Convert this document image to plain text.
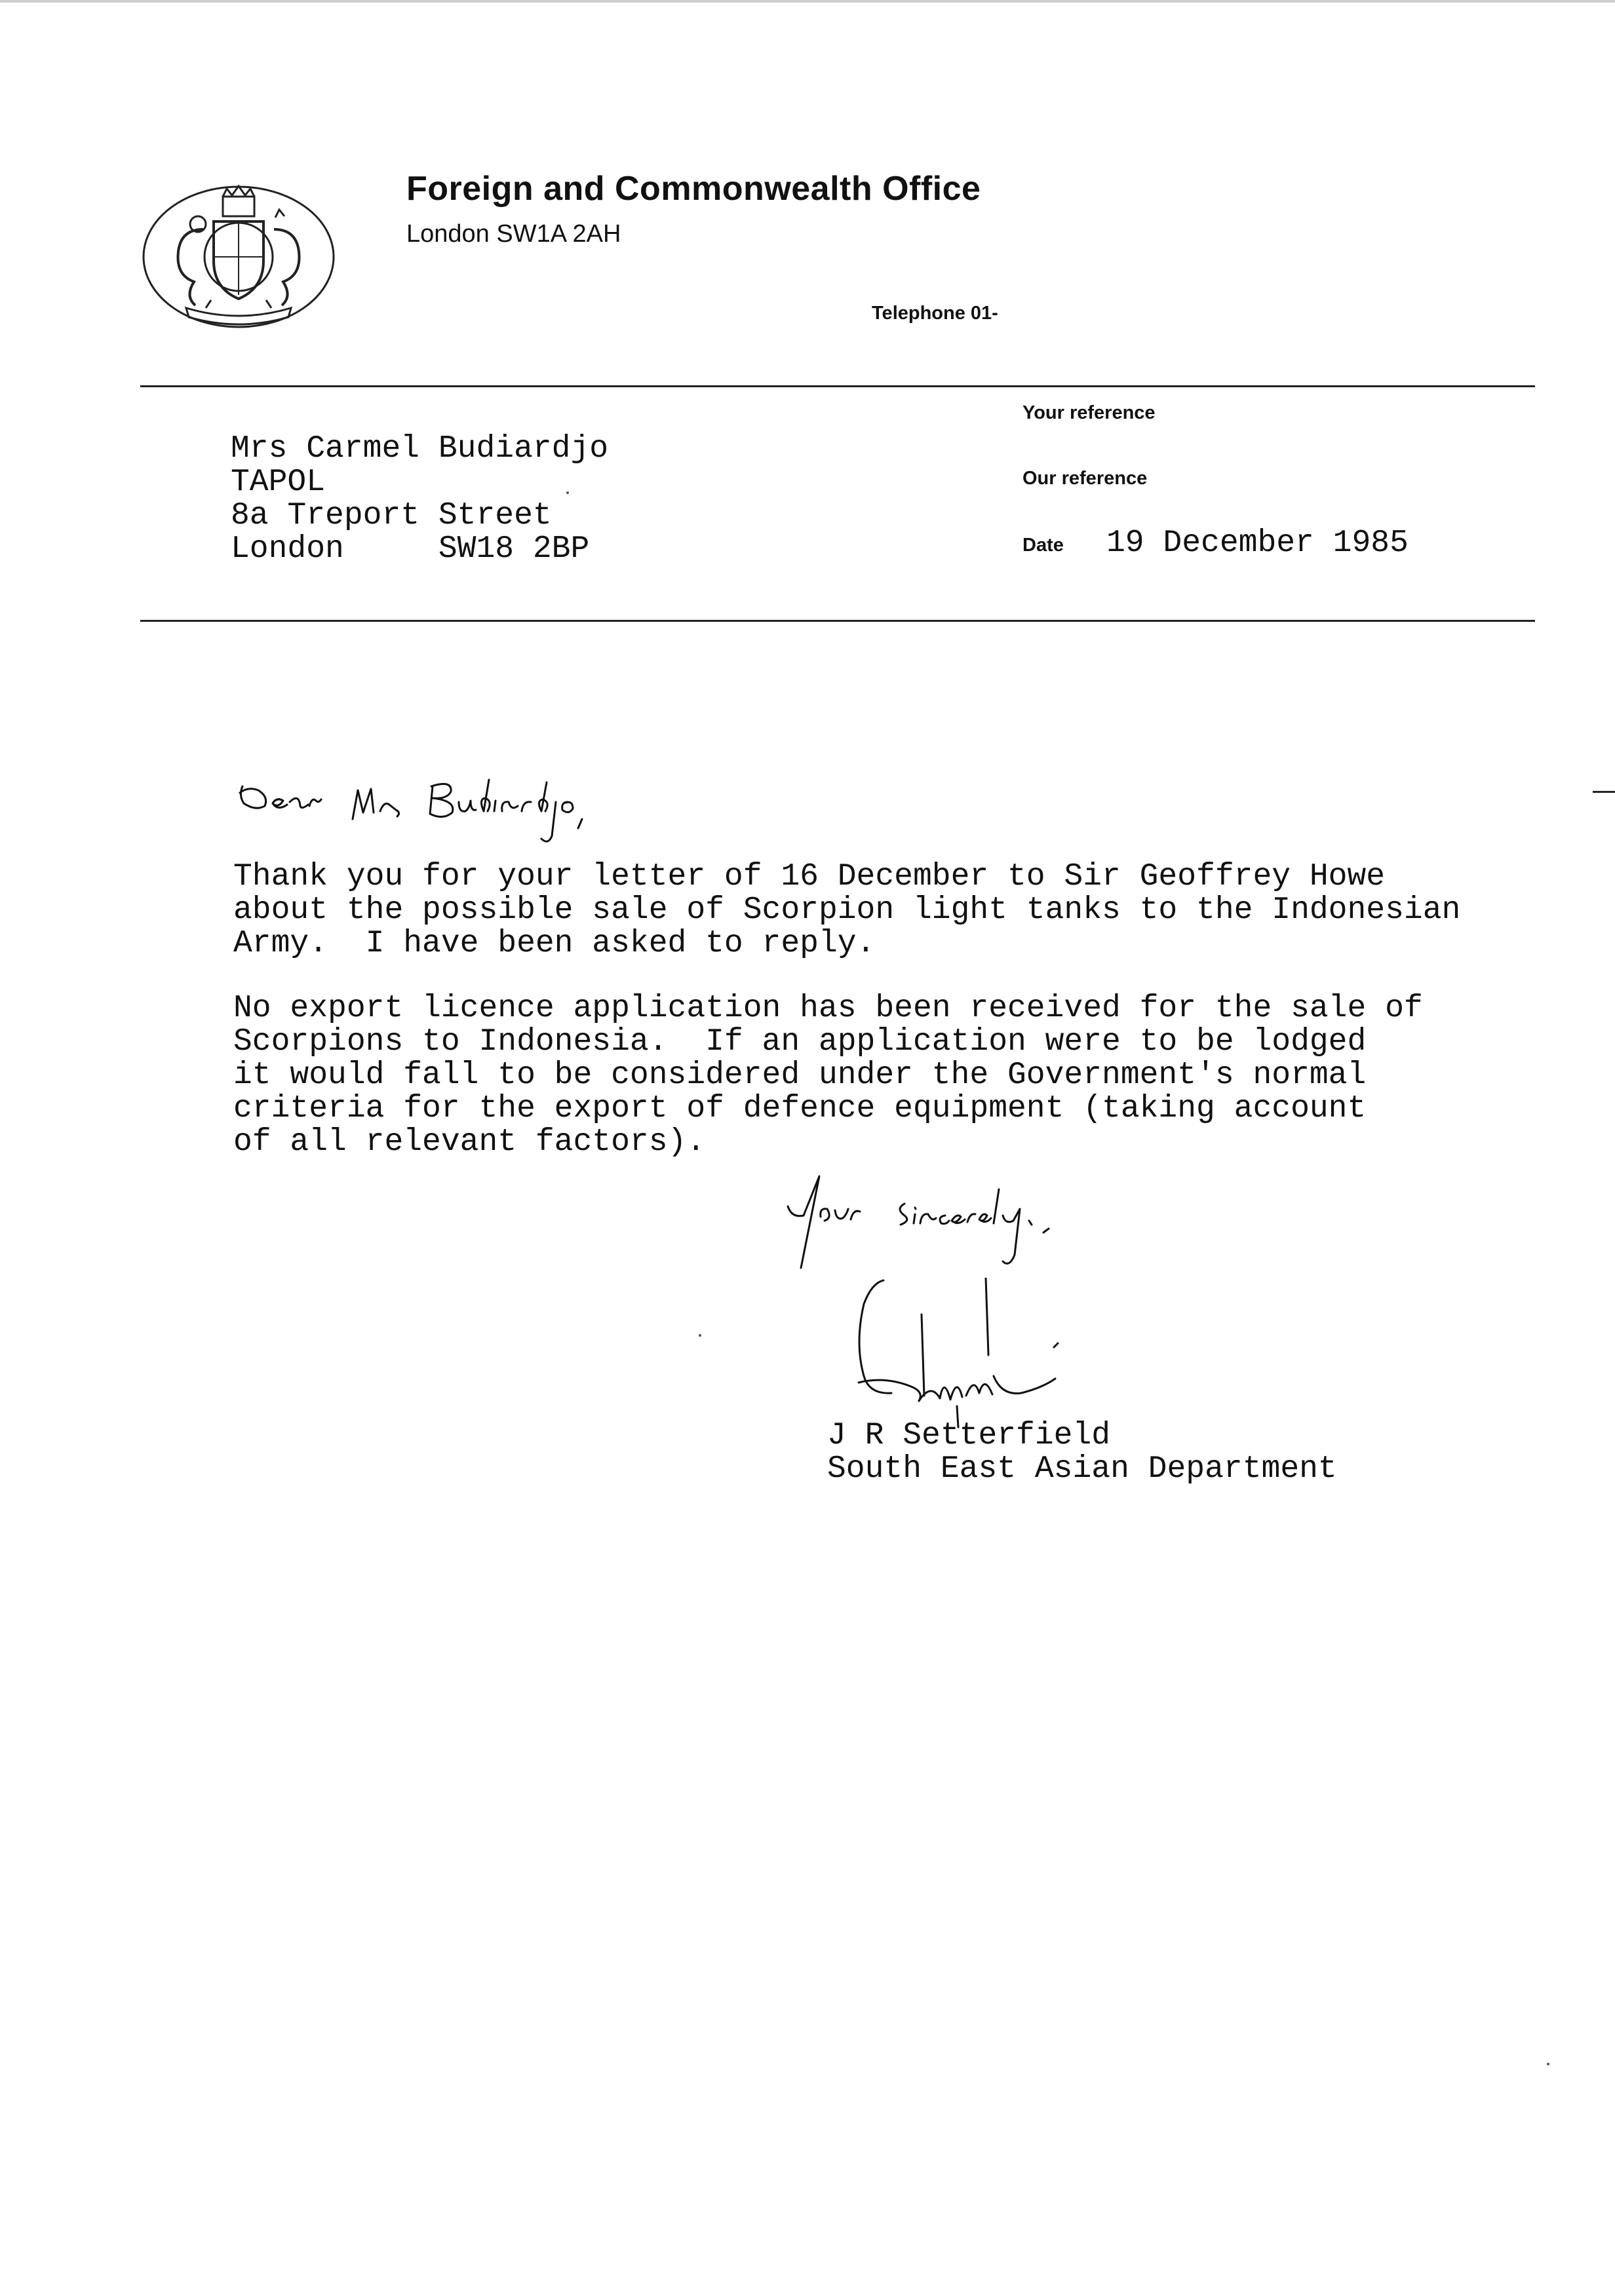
Foreign and Commonwealth Office
London SW1A 2AH
Telephone 01-
Your reference
Our reference
Date 19 December 1985
Mrs Carmel Budiardjo
TAPOL
8a Treport Street
London     SW18 2BP
Thank you for your letter of 16 December to Sir Geoffrey Howe
about the possible sale of Scorpion light tanks to the Indonesian
Army.  I have been asked to reply.
No export licence application has been received for the sale of
Scorpions to Indonesia.  If an application were to be lodged
it would fall to be considered under the Government's normal
criteria for the export of defence equipment (taking account
of all relevant factors).
J R Setterfield
South East Asian Department
